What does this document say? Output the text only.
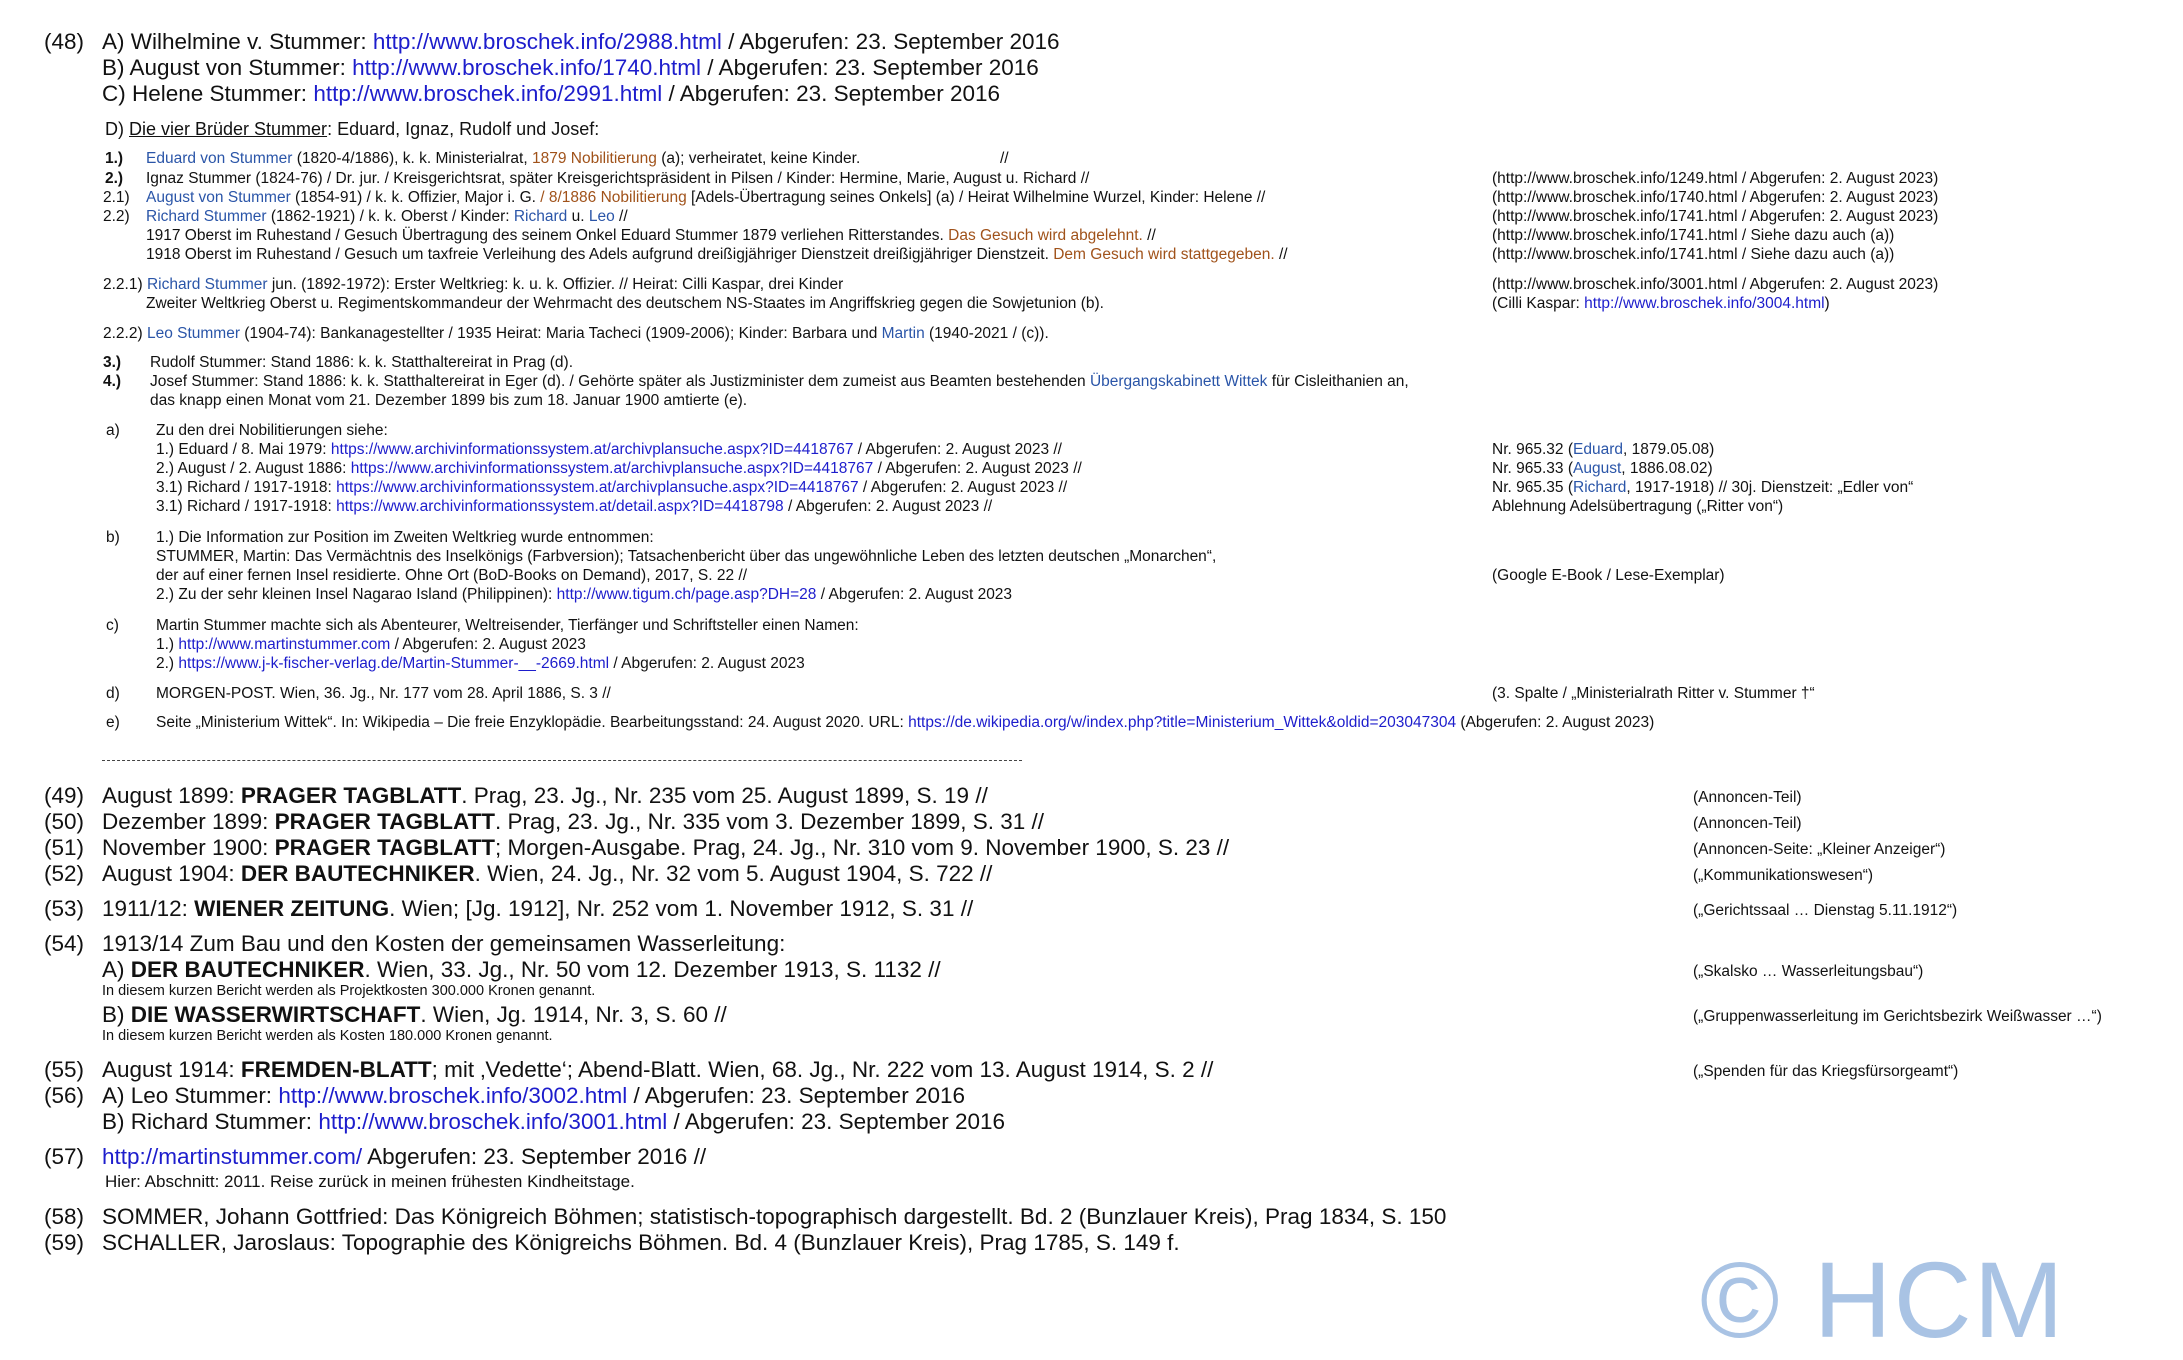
(48) A) Wilhelmine v. Stummer: http://www.broschek.info/2988.html / Abgerufen: 23. September 2016
B) August von Stummer: http://www.broschek.info/1740.html / Abgerufen: 23. September 2016
C) Helene Stummer: http://www.broschek.info/2991.html / Abgerufen: 23. September 2016
D) Die vier Brüder Stummer: Eduard, Ignaz, Rudolf und Josef:
1.) Eduard von Stummer (1820-4/1886), k. k. Ministerialrat, 1879 Nobilitierung (a); verheiratet, keine Kinder.	//
2.) Ignaz Stummer (1824-76) / Dr. jur. / Kreisgerichtsrat, später Kreisgerichtspräsident in Pilsen / Kinder: Hermine, Marie, August u. Richard //	(http://www.broschek.info/1249.html / Abgerufen: 2. August 2023)
2.1) August von Stummer (1854-91) / k. k. Offizier, Major i. G. / 8/1886 Nobilitierung [Adels-Übertragung seines Onkels] (a) / Heirat Wilhelmine Wurzel, Kinder: Helene //	(http://www.broschek.info/1740.html / Abgerufen: 2. August 2023)
2.2) Richard Stummer (1862-1921) / k. k. Oberst / Kinder: Richard u. Leo //	(http://www.broschek.info/1741.html / Abgerufen: 2. August 2023)
1917 Oberst im Ruhestand / Gesuch Übertragung des seinem Onkel Eduard Stummer 1879 verliehen Ritterstandes. Das Gesuch wird abgelehnt. //	(http://www.broschek.info/1741.html / Siehe dazu auch (a))
1918 Oberst im Ruhestand / Gesuch um taxfreie Verleihung des Adels aufgrund dreißigjähriger Dienstzeit dreißigjähriger Dienstzeit. Dem Gesuch wird stattgegeben. //	(http://www.broschek.info/1741.html / Siehe dazu auch (a))
2.2.1) Richard Stummer jun. (1892-1972): Erster Weltkrieg: k. u. k. Offizier. // Heirat: Cilli Kaspar, drei Kinder	(http://www.broschek.info/3001.html / Abgerufen: 2. August 2023)
Zweiter Weltkrieg Oberst u. Regimentskommandeur der Wehrmacht des deutschem NS-Staates im Angriffskrieg gegen die Sowjetunion (b).	(Cilli Kaspar: http://www.broschek.info/3004.html)
2.2.2) Leo Stummer (1904-74): Bankanagestellter / 1935 Heirat: Maria Tacheci (1909-2006); Kinder: Barbara und Martin (1940-2021 / (c)).
3.) Rudolf Stummer: Stand 1886: k. k. Statthaltereirat in Prag (d).
4.) Josef Stummer: Stand 1886: k. k. Statthaltereirat in Eger (d). / Gehörte später als Justizminister dem zumeist aus Beamten bestehenden Übergangskabinett Wittek für Cisleithanien an,
das knapp einen Monat vom 21. Dezember 1899 bis zum 18. Januar 1900 amtierte (e).
a) Zu den drei Nobilitierungen siehe:
1.) Eduard / 8. Mai 1979: https://www.archivinformationssystem.at/archivplansuche.aspx?ID=4418767 / Abgerufen: 2. August 2023 //	Nr. 965.32 (Eduard, 1879.05.08)
2.) August / 2. August 1886: https://www.archivinformationssystem.at/archivplansuche.aspx?ID=4418767 / Abgerufen: 2. August 2023 //	Nr. 965.33 (August, 1886.08.02)
3.1) Richard / 1917-1918: https://www.archivinformationssystem.at/archivplansuche.aspx?ID=4418767 / Abgerufen: 2. August 2023 //	Nr. 965.35 (Richard, 1917-1918) // 30j. Dienstzeit: „Edler von“
3.1) Richard / 1917-1918: https://www.archivinformationssystem.at/detail.aspx?ID=4418798 / Abgerufen: 2. August 2023 //	Ablehnung Adelsübertragung („Ritter von“)
b) 1.) Die Information zur Position im Zweiten Weltkrieg wurde entnommen:
STUMMER, Martin: Das Vermächtnis des Inselkönigs (Farbversion); Tatsachenbericht über das ungewöhnliche Leben des letzten deutschen „Monarchen“,
der auf einer fernen Insel residierte. Ohne Ort (BoD-Books on Demand), 2017, S. 22 //	(Google E-Book / Lese-Exemplar)
2.) Zu der sehr kleinen Insel Nagarao Island (Philippinen): http://www.tigum.ch/page.asp?DH=28 / Abgerufen: 2. August 2023
c) Martin Stummer machte sich als Abenteurer, Weltreisender, Tierfänger und Schriftsteller einen Namen:
1.) http://www.martinstummer.com / Abgerufen: 2. August 2023
2.) https://www.j-k-fischer-verlag.de/Martin-Stummer-__-2669.html / Abgerufen: 2. August 2023
d) MORGEN-POST. Wien, 36. Jg., Nr. 177 vom 28. April 1886, S. 3 //	(3. Spalte / „Ministerialrath Ritter v. Stummer †“
e) Seite „Ministerium Wittek“. In: Wikipedia – Die freie Enzyklopädie. Bearbeitungsstand: 24. August 2020. URL: https://de.wikipedia.org/w/index.php?title=Ministerium_Wittek&oldid=203047304 (Abgerufen: 2. August 2023)
(49) August 1899: PRAGER TAGBLATT. Prag, 23. Jg., Nr. 235 vom 25. August 1899, S. 19 //	(Annoncen-Teil)
(50) Dezember 1899: PRAGER TAGBLATT. Prag, 23. Jg., Nr. 335 vom 3. Dezember 1899, S. 31 //	(Annoncen-Teil)
(51) November 1900: PRAGER TAGBLATT; Morgen-Ausgabe. Prag, 24. Jg., Nr. 310 vom 9. November 1900, S. 23 //	(Annoncen-Seite: „Kleiner Anzeiger“)
(52) August 1904: DER BAUTECHNIKER. Wien, 24. Jg., Nr. 32 vom 5. August 1904, S. 722 //	(„Kommunikationswesen“)
(53) 1911/12: WIENER ZEITUNG. Wien; [Jg. 1912], Nr. 252 vom 1. November 1912, S. 31 //	(„Gerichtssaal … Dienstag 5.11.1912“)
(54) 1913/14 Zum Bau und den Kosten der gemeinsamen Wasserleitung:
A) DER BAUTECHNIKER. Wien, 33. Jg., Nr. 50 vom 12. Dezember 1913, S. 1132 //	(„Skalsko … Wasserleitungsbau“)
In diesem kurzen Bericht werden als Projektkosten 300.000 Kronen genannt.
B) DIE WASSERWIRTSCHAFT. Wien, Jg. 1914, Nr. 3, S. 60 //	(„Gruppenwasserleitung im Gerichtsbezirk Weißwasser …“)
In diesem kurzen Bericht werden als Kosten 180.000 Kronen genannt.
(55) August 1914: FREMDEN-BLATT; mit ‚Vedette‘; Abend-Blatt. Wien, 68. Jg., Nr. 222 vom 13. August 1914, S. 2 //	(„Spenden für das Kriegsfürsorgeamt“)
(56) A) Leo Stummer: http://www.broschek.info/3002.html / Abgerufen: 23. September 2016
B) Richard Stummer: http://www.broschek.info/3001.html / Abgerufen: 23. September 2016
(57) http://martinstummer.com/ Abgerufen: 23. September 2016 //
Hier: Abschnitt: 2011. Reise zurück in meinen frühesten Kindheitstage.
(58) SOMMER, Johann Gottfried: Das Königreich Böhmen; statistisch-topographisch dargestellt. Bd. 2 (Bunzlauer Kreis), Prag 1834, S. 150
(59) SCHALLER, Jaroslaus: Topographie des Königreichs Böhmen. Bd. 4 (Bunzlauer Kreis), Prag 1785, S. 149 f.	© HCM
